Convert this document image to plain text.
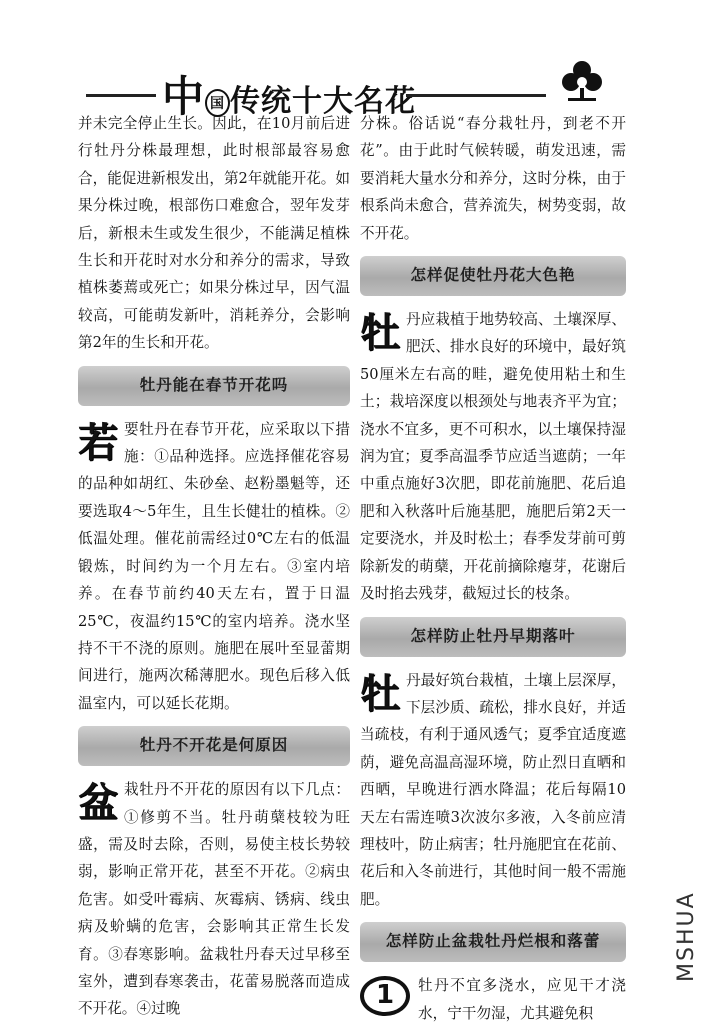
中 国 传统十大名花

并未完全停止生长。因此，在10月前后进行牡丹分株最理想，此时根部最容易愈合，能促进新根发出，第2年就能开花。如果分株过晚，根部伤口难愈合，翌年发芽后，新根未生或发生很少，不能满足植株生长和开花时对水分和养分的需求，导致植株萎蔫或死亡；如果分株过早，因气温较高，可能萌发新叶，消耗养分，会影响第2年的生长和开花。

牡丹能在春节开花吗

若要牡丹在春节开花，应采取以下措施：①品种选择。应选择催花容易的品种如胡红、朱砂垒、赵粉墨魁等，还要选取4～5年生，且生长健壮的植株。②低温处理。催花前需经过0℃左右的低温锻炼，时间约为一个月左右。③室内培养。在春节前约40天左右，置于日温25℃，夜温约15℃的室内培养。浇水坚持不干不浇的原则。施肥在展叶至显蕾期间进行，施两次稀薄肥水。现色后移入低温室内，可以延长花期。

牡丹不开花是何原因

盆栽牡丹不开花的原因有以下几点：①修剪不当。牡丹萌蘖枝较为旺盛，需及时去除，否则，易使主枝长势较弱，影响正常开花，甚至不开花。②病虫危害。如受叶霉病、灰霉病、锈病、线虫病及蚧螨的危害，会影响其正常生长发育。③春寒影响。盆栽牡丹春天过早移至室外，遭到春寒袭击，花蕾易脱落而造成不开花。④过晚

分株。俗话说“春分栽牡丹，到老不开花”。由于此时气候转暖，萌发迅速，需要消耗大量水分和养分，这时分株，由于根系尚未愈合，营养流失，树势变弱，故不开花。

怎样促使牡丹花大色艳

牡丹应栽植于地势较高、土壤深厚、肥沃、排水良好的环境中，最好筑50厘米左右高的畦，避免使用粘土和生土；栽培深度以根颈处与地表齐平为宜；浇水不宜多，更不可积水，以土壤保持湿润为宜；夏季高温季节应适当遮荫；一年中重点施好3次肥，即花前施肥、花后追肥和入秋落叶后施基肥，施肥后第2天一定要浇水，并及时松土；春季发芽前可剪除新发的萌蘖，开花前摘除瘪芽，花谢后及时掐去残芽，截短过长的枝条。

怎样防止牡丹早期落叶

牡丹最好筑台栽植，土壤上层深厚，下层沙质、疏松，排水良好，并适当疏枝，有利于通风透气；夏季宜适度遮荫，避免高温高湿环境，防止烈日直晒和西晒，早晚进行洒水降温；花后每隔10天左右需连喷3次波尔多液，入冬前应清理枝叶，防止病害；牡丹施肥宜在花前、花后和入冬前进行，其他时间一般不需施肥。

怎样防止盆栽牡丹烂根和落蕾

1	牡丹不宜多浇水，应见干才浇水，宁干勿湿，尤其避免积

MSHUA
